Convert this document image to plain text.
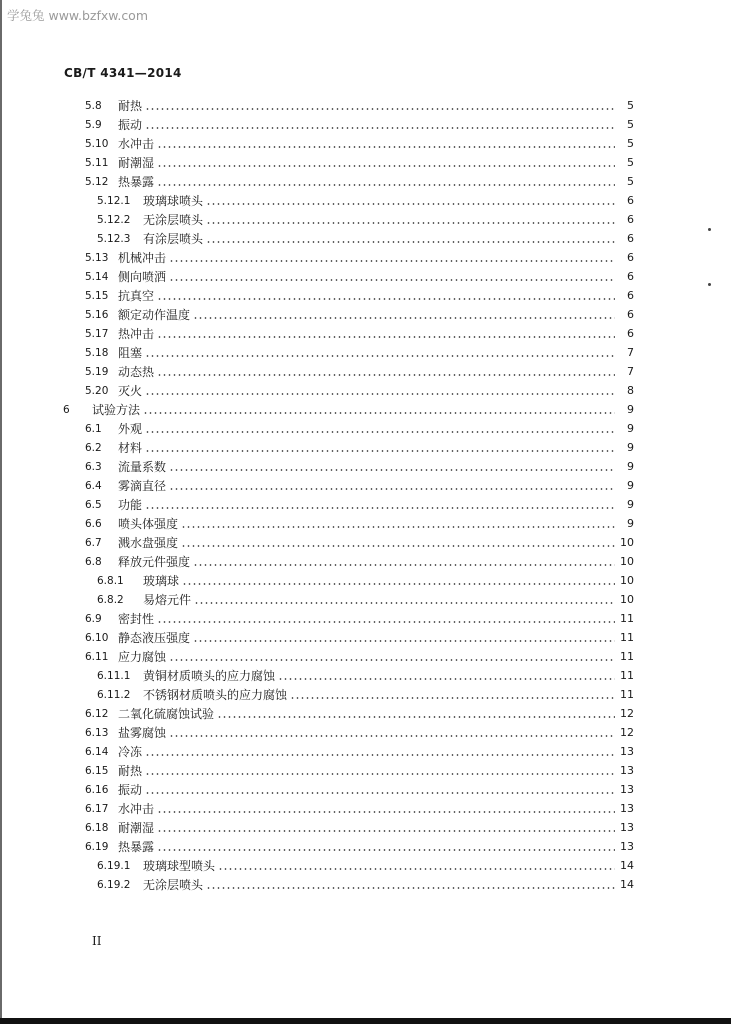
学兔兔 www.bzfxw.com
CB/T 4341—2014
5.8	耐热	5
5.9	振动	5
5.10 水冲击	5
5.11 耐潮湿	5
5.12 热暴露	5
5.12.1	玻璃球喷头	6
5.12.2	无涂层喷头	6
5.12.3	有涂层喷头	6
5.13 机械冲击	6
5.14 侧向喷洒	6
5.15 抗真空	6
5.16 额定动作温度	6
5.17 热冲击	6
5.18 阻塞	7
5.19 动态热	7
5.20 灭火	8
6	试验方法	9
6.1	外观	9
6.2	材料	9
6.3	流量系数	9
6.4	雾滴直径	9
6.5	功能	9
6.6	喷头体强度	9
6.7	溅水盘强度	10
6.8	释放元件强度	10
6.8.1	玻璃球	10
6.8.2	易熔元件	10
6.9	密封性	11
6.10 静态液压强度	11
6.11 应力腐蚀	11
6.11.1	黄铜材质喷头的应力腐蚀	11
6.11.2	不锈钢材质喷头的应力腐蚀	11
6.12 二氧化硫腐蚀试验	12
6.13 盐雾腐蚀	12
6.14 冷冻	13
6.15 耐热	13
6.16 振动	13
6.17 水冲击	13
6.18 耐潮湿	13
6.19 热暴露	13
6.19.1	玻璃球型喷头	14
6.19.2	无涂层喷头	14
II
